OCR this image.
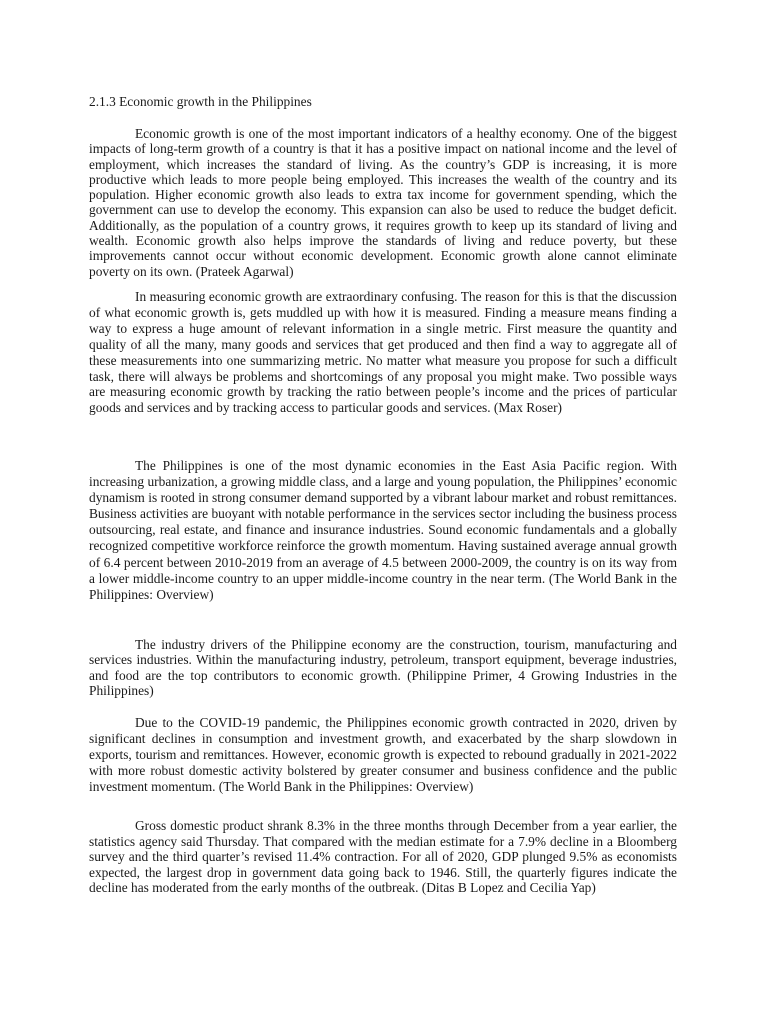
2.1.3 Economic growth in the Philippines

Economic growth is one of the most important indicators of a healthy economy. One of the biggest impacts of long-term growth of a country is that it has a positive impact on national income and the level of employment, which increases the standard of living. As the country’s GDP is increasing, it is more productive which leads to more people being employed. This increases the wealth of the country and its population. Higher economic growth also leads to extra tax income for government spending, which the government can use to develop the economy. This expansion can also be used to reduce the budget deficit. Additionally, as the population of a country grows, it requires growth to keep up its standard of living and wealth. Economic growth also helps improve the standards of living and reduce poverty, but these improvements cannot occur without economic development. Economic growth alone cannot eliminate poverty on its own. (Prateek Agarwal)

In measuring economic growth are extraordinary confusing. The reason for this is that the discussion of what economic growth is, gets muddled up with how it is measured. Finding a measure means finding a way to express a huge amount of relevant information in a single metric. First measure the quantity and quality of all the many, many goods and services that get produced and then find a way to aggregate all of these measurements into one summarizing metric. No matter what measure you propose for such a difficult task, there will always be problems and shortcomings of any proposal you might make. Two possible ways are measuring economic growth by tracking the ratio between people’s income and the prices of particular goods and services and by tracking access to particular goods and services. (Max Roser)

The Philippines is one of the most dynamic economies in the East Asia Pacific region. With increasing urbanization, a growing middle class, and a large and young population, the Philippines’ economic dynamism is rooted in strong consumer demand supported by a vibrant labour market and robust remittances. Business activities are buoyant with notable performance in the services sector including the business process outsourcing, real estate, and finance and insurance industries. Sound economic fundamentals and a globally recognized competitive workforce reinforce the growth momentum. Having sustained average annual growth of 6.4 percent between 2010-2019 from an average of 4.5 between 2000-2009, the country is on its way from a lower middle-income country to an upper middle-income country in the near term. (The World Bank in the Philippines: Overview)

The industry drivers of the Philippine economy are the construction, tourism, manufacturing and services industries. Within the manufacturing industry, petroleum, transport equipment, beverage industries, and food are the top contributors to economic growth. (Philippine Primer, 4 Growing Industries in the Philippines)

Due to the COVID-19 pandemic, the Philippines economic growth contracted in 2020, driven by significant declines in consumption and investment growth, and exacerbated by the sharp slowdown in exports, tourism and remittances. However, economic growth is expected to rebound gradually in 2021-2022 with more robust domestic activity bolstered by greater consumer and business confidence and the public investment momentum. (The World Bank in the Philippines: Overview)

Gross domestic product shrank 8.3% in the three months through December from a year earlier, the statistics agency said Thursday. That compared with the median estimate for a 7.9% decline in a Bloomberg survey and the third quarter’s revised 11.4% contraction. For all of 2020, GDP plunged 9.5% as economists expected, the largest drop in government data going back to 1946. Still, the quarterly figures indicate the decline has moderated from the early months of the outbreak. (Ditas B Lopez and Cecilia Yap)
